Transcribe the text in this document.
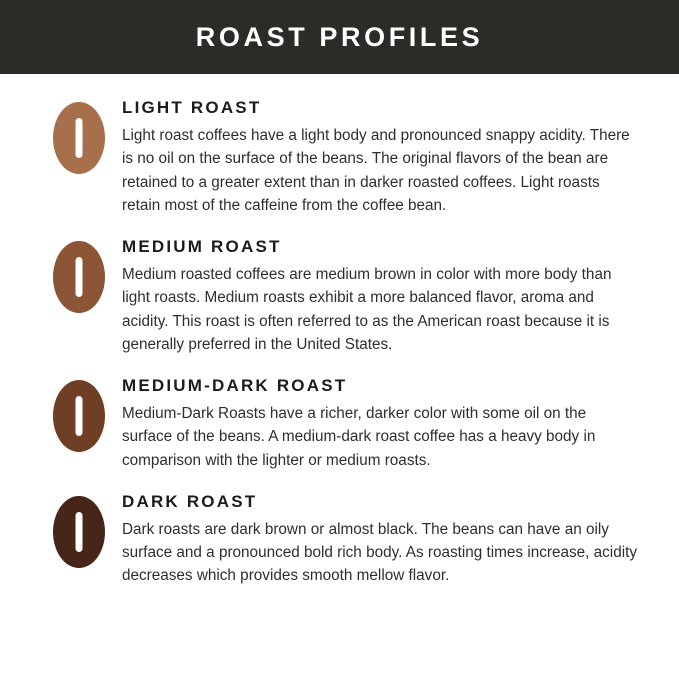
ROAST PROFILES

LIGHT ROAST

Light roast coffees have a light body and pronounced snappy acidity. There is no oil on the surface of the beans. The original flavors of the bean are retained to a greater extent than in darker roasted coffees. Light roasts retain most of the caffeine from the coffee bean.

MEDIUM ROAST

Medium roasted coffees are medium brown in color with more body than light roasts. Medium roasts exhibit a more balanced flavor, aroma and acidity. This roast is often referred to as the American roast because it is generally preferred in the United States.

MEDIUM-DARK ROAST

Medium-Dark Roasts have a richer, darker color with some oil on the surface of the beans. A medium-dark roast coffee has a heavy body in comparison with the lighter or medium roasts.

DARK ROAST

Dark roasts are dark brown or almost black. The beans can have an oily surface and a pronounced bold rich body. As roasting times increase, acidity decreases which provides smooth mellow flavor.
